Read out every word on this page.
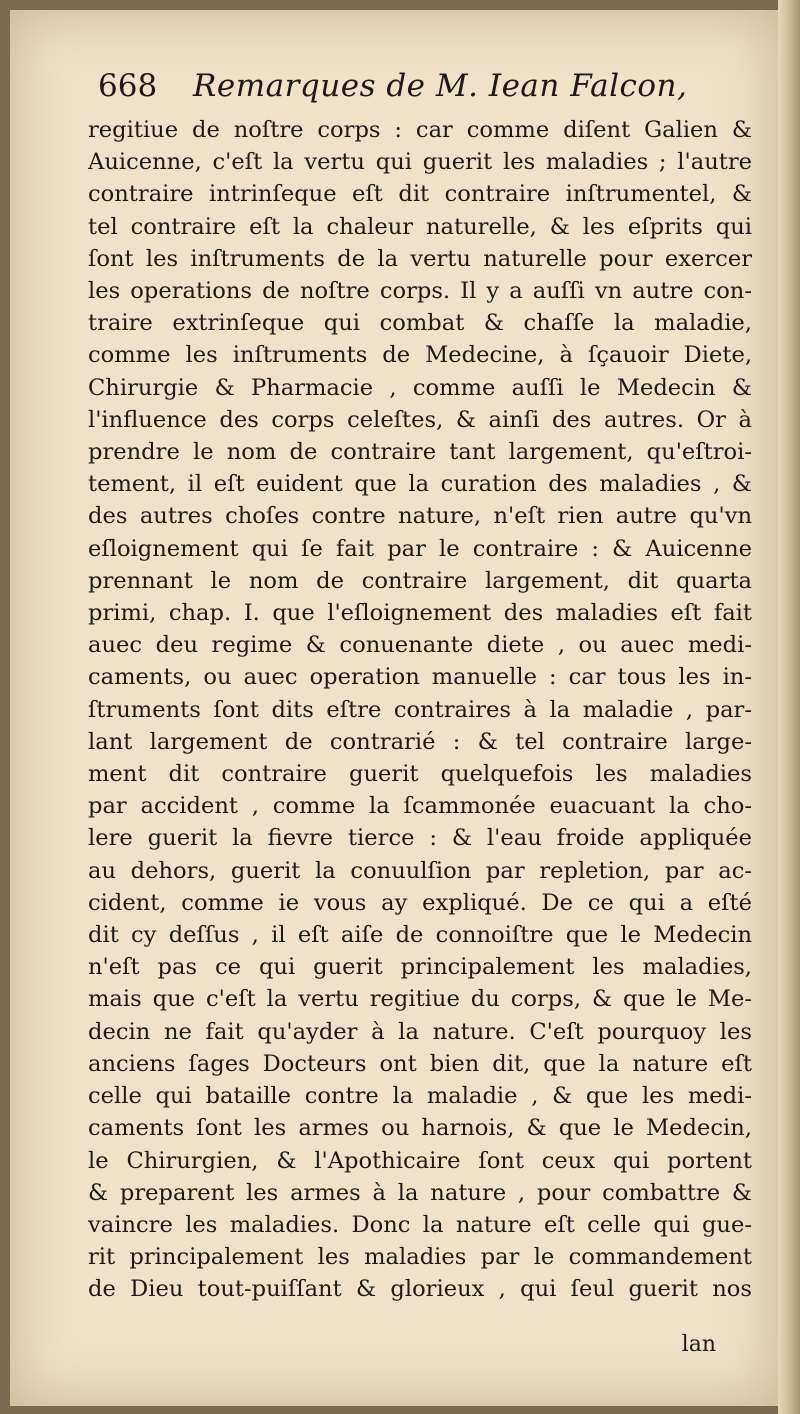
668 Remarques de M. Iean Falcon,
regitiue de noſtre corps : car comme diſent Galien &
Auicenne, c'eſt la vertu qui guerit les maladies ; l'autre
contraire intrinſeque eſt dit contraire inſtrumentel, &
tel contraire eſt la chaleur naturelle, & les eſprits qui
ſont les inſtruments de la vertu naturelle pour exercer
les operations de noſtre corps. Il y a auſſi vn autre con-
traire extrinſeque qui combat & chaſſe la maladie,
comme les inſtruments de Medecine, à ſçauoir Diete,
Chirurgie & Pharmacie , comme auſſi le Medecin &
l'influence des corps celeſtes, & ainſi des autres. Or à
prendre le nom de contraire tant largement, qu'eſtroi-
tement, il eſt euident que la curation des maladies , &
des autres choſes contre nature, n'eſt rien autre qu'vn
eſloignement qui ſe fait par le contraire : & Auicenne
prennant le nom de contraire largement, dit quarta
primi, chap. I. que l'eſloignement des maladies eſt fait
auec deu regime & conuenante diete , ou auec medi-
caments, ou auec operation manuelle : car tous les in-
ſtruments ſont dits eſtre contraires à la maladie , par-
lant largement de contrarié : & tel contraire large-
ment dit contraire guerit quelquefois les maladies
par accident , comme la ſcammonée euacuant la cho-
lere guerit la fievre tierce : & l'eau froide appliquée
au dehors, guerit la conuulſion par repletion, par ac-
cident, comme ie vous ay expliqué. De ce qui a eſté
dit cy deſſus , il eſt aiſe de connoiſtre que le Medecin
n'eſt pas ce qui guerit principalement les maladies,
mais que c'eſt la vertu regitiue du corps, & que le Me-
decin ne fait qu'ayder à la nature. C'eſt pourquoy les
anciens ſages Docteurs ont bien dit, que la nature eſt
celle qui bataille contre la maladie , & que les medi-
caments ſont les armes ou harnois, & que le Medecin,
le Chirurgien, & l'Apothicaire ſont ceux qui portent
& preparent les armes à la nature , pour combattre &
vaincre les maladies. Donc la nature eſt celle qui gue-
rit principalement les maladies par le commandement
de Dieu tout-puiſſant & glorieux , qui ſeul guerit nos
lan
